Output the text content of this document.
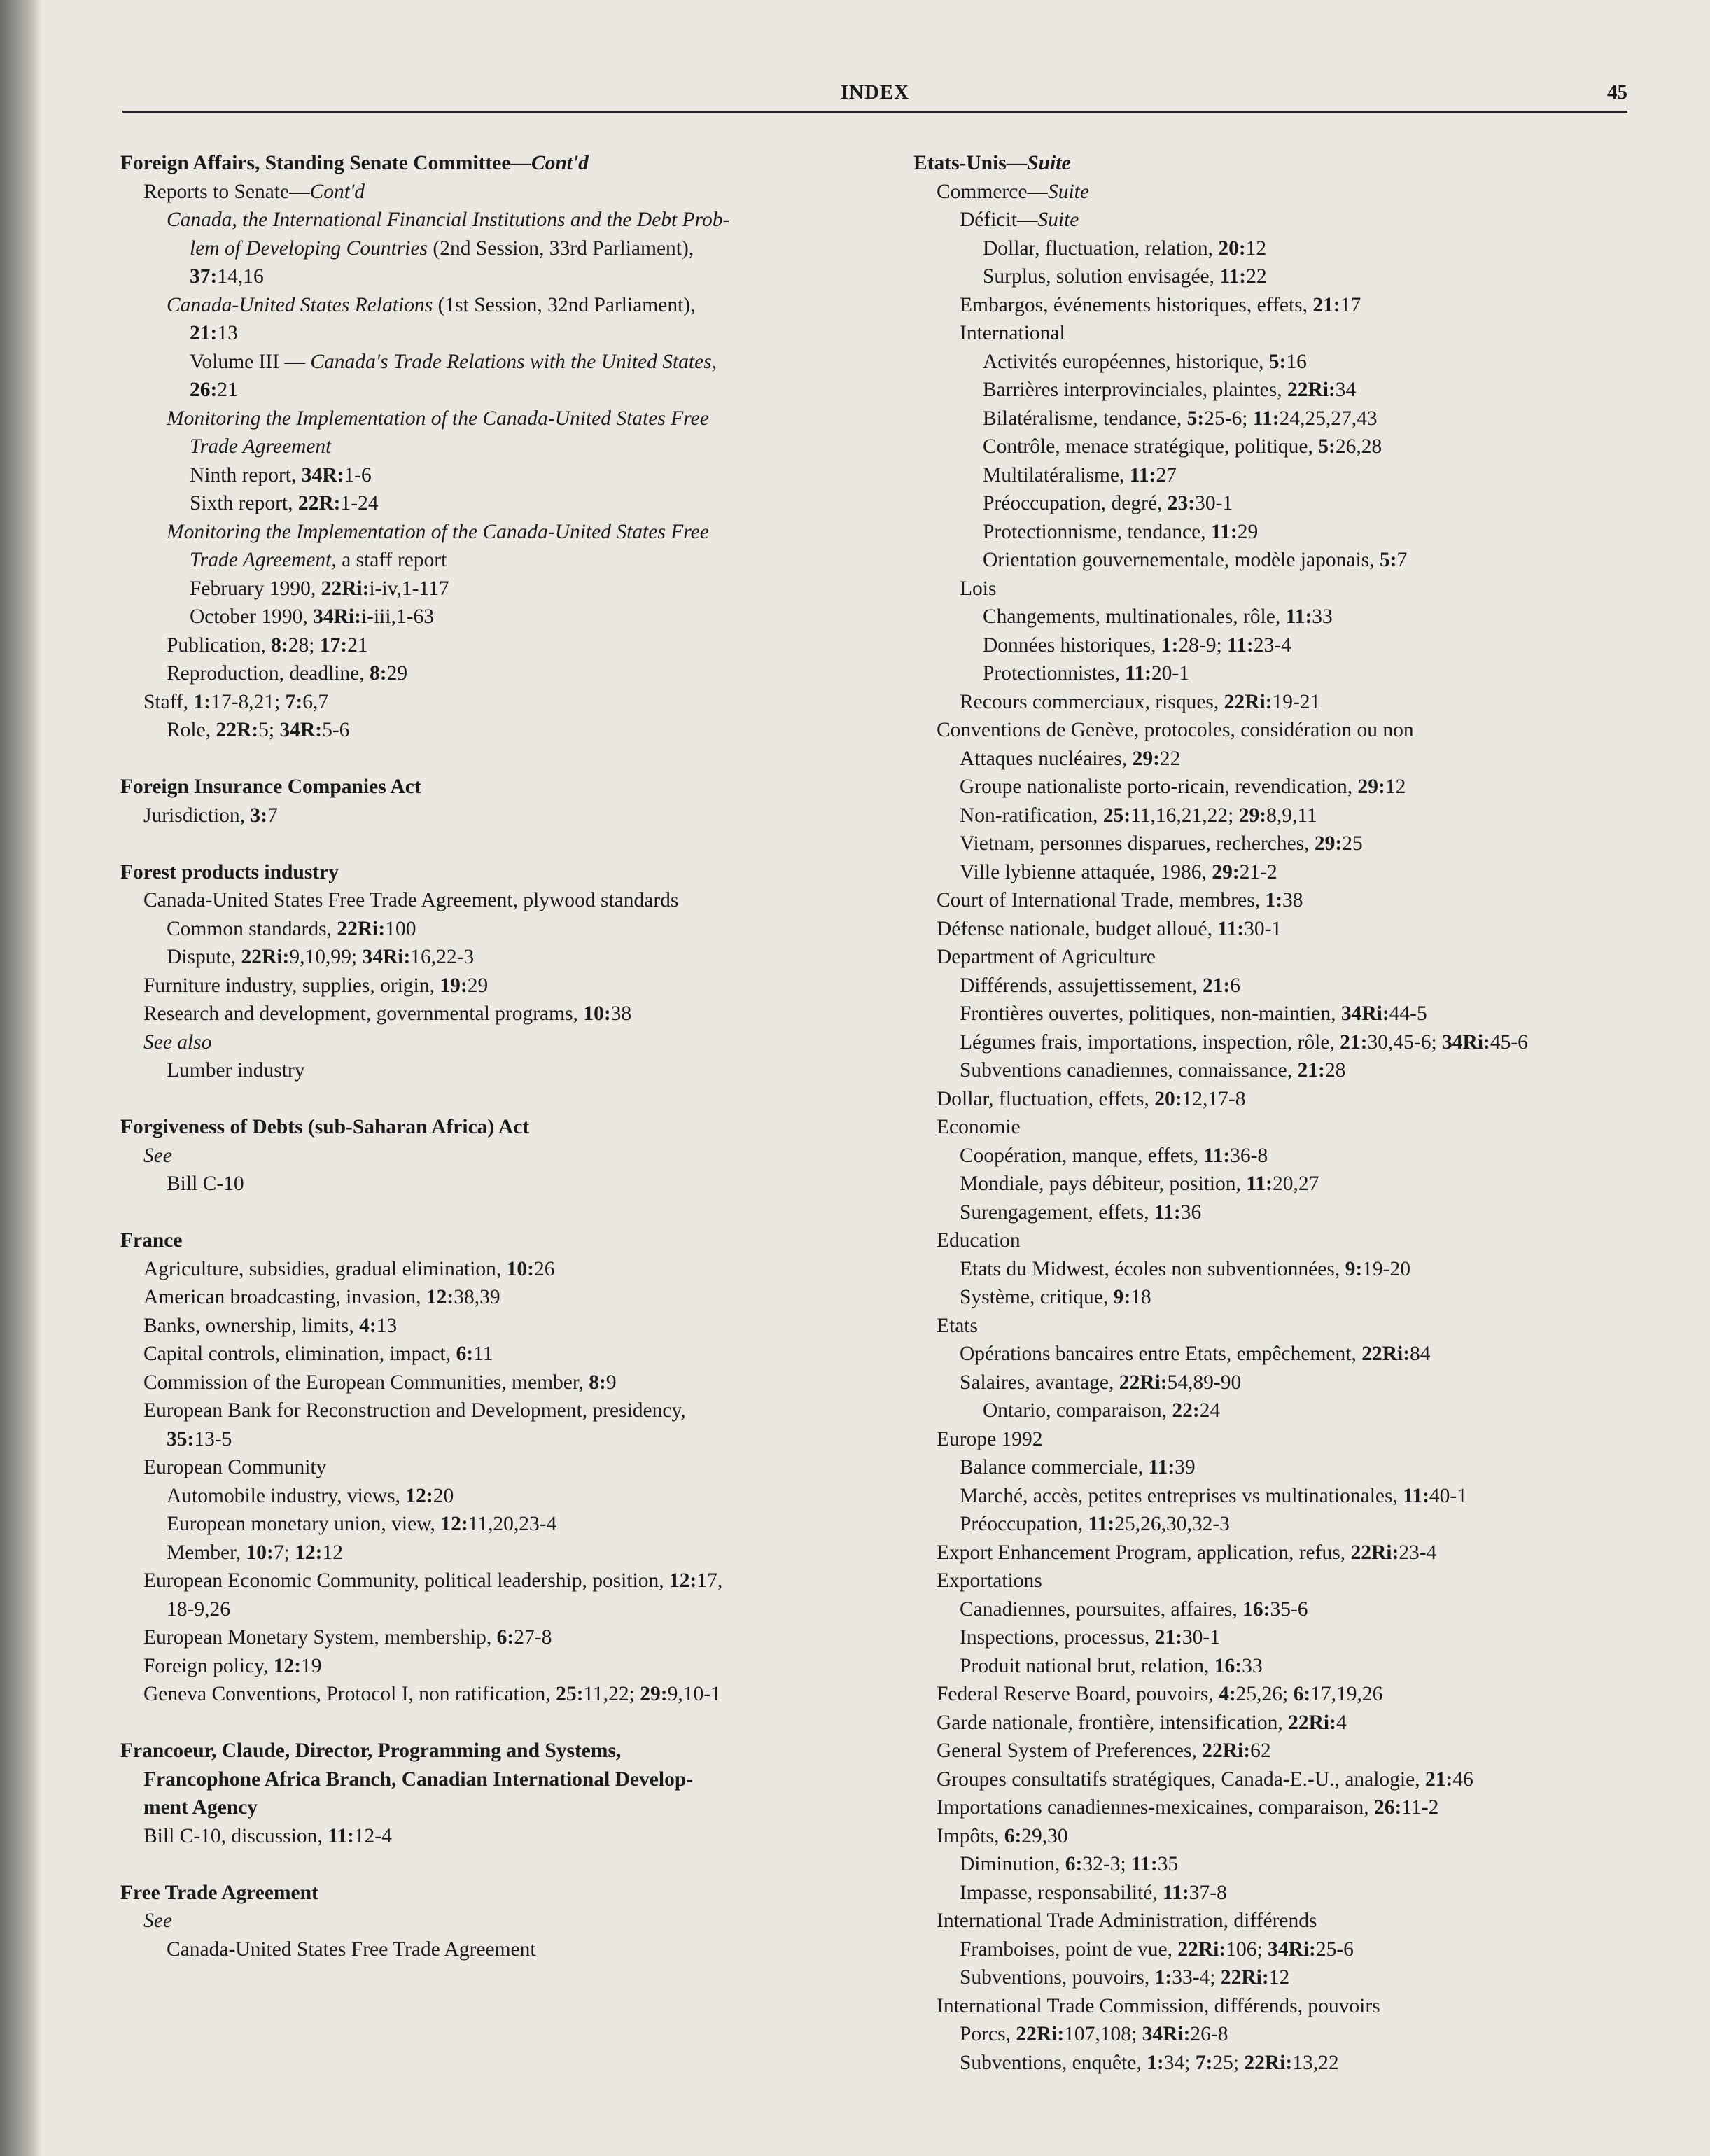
INDEX	45
Foreign Affairs, Standing Senate Committee—Cont'd
Reports to Senate—Cont'd
Canada, the International Financial Institutions and the Debt Prob-
lem of Developing Countries (2nd Session, 33rd Parliament),
37:14,16
Canada-United States Relations (1st Session, 32nd Parliament),
21:13
Volume III — Canada's Trade Relations with the United States,
26:21
Monitoring the Implementation of the Canada-United States Free
Trade Agreement
Ninth report, 34R:1-6
Sixth report, 22R:1-24
Monitoring the Implementation of the Canada-United States Free
Trade Agreement, a staff report
February 1990, 22Ri:i-iv,1-117
October 1990, 34Ri:i-iii,1-63
Publication, 8:28; 17:21
Reproduction, deadline, 8:29
Staff, 1:17-8,21; 7:6,7
Role, 22R:5; 34R:5-6
Foreign Insurance Companies Act
Jurisdiction, 3:7
Forest products industry
Canada-United States Free Trade Agreement, plywood standards
Common standards, 22Ri:100
Dispute, 22Ri:9,10,99; 34Ri:16,22-3
Furniture industry, supplies, origin, 19:29
Research and development, governmental programs, 10:38
See also
Lumber industry
Forgiveness of Debts (sub-Saharan Africa) Act
See
Bill C-10
France
Agriculture, subsidies, gradual elimination, 10:26
American broadcasting, invasion, 12:38,39
Banks, ownership, limits, 4:13
Capital controls, elimination, impact, 6:11
Commission of the European Communities, member, 8:9
European Bank for Reconstruction and Development, presidency,
35:13-5
European Community
Automobile industry, views, 12:20
European monetary union, view, 12:11,20,23-4
Member, 10:7; 12:12
European Economic Community, political leadership, position, 12:17,
18-9,26
European Monetary System, membership, 6:27-8
Foreign policy, 12:19
Geneva Conventions, Protocol I, non ratification, 25:11,22; 29:9,10-1
Francoeur, Claude, Director, Programming and Systems,
Francophone Africa Branch, Canadian International Develop-
ment Agency
Bill C-10, discussion, 11:12-4
Free Trade Agreement
See
Canada-United States Free Trade Agreement
Etats-Unis—Suite
Commerce—Suite
Déficit—Suite
Dollar, fluctuation, relation, 20:12
Surplus, solution envisagée, 11:22
Embargos, événements historiques, effets, 21:17
International
Activités européennes, historique, 5:16
Barrières interprovinciales, plaintes, 22Ri:34
Bilatéralisme, tendance, 5:25-6; 11:24,25,27,43
Contrôle, menace stratégique, politique, 5:26,28
Multilatéralisme, 11:27
Préoccupation, degré, 23:30-1
Protectionnisme, tendance, 11:29
Orientation gouvernementale, modèle japonais, 5:7
Lois
Changements, multinationales, rôle, 11:33
Données historiques, 1:28-9; 11:23-4
Protectionnistes, 11:20-1
Recours commerciaux, risques, 22Ri:19-21
Conventions de Genève, protocoles, considération ou non
Attaques nucléaires, 29:22
Groupe nationaliste porto-ricain, revendication, 29:12
Non-ratification, 25:11,16,21,22; 29:8,9,11
Vietnam, personnes disparues, recherches, 29:25
Ville lybienne attaquée, 1986, 29:21-2
Court of International Trade, membres, 1:38
Défense nationale, budget alloué, 11:30-1
Department of Agriculture
Différends, assujettissement, 21:6
Frontières ouvertes, politiques, non-maintien, 34Ri:44-5
Légumes frais, importations, inspection, rôle, 21:30,45-6; 34Ri:45-6
Subventions canadiennes, connaissance, 21:28
Dollar, fluctuation, effets, 20:12,17-8
Economie
Coopération, manque, effets, 11:36-8
Mondiale, pays débiteur, position, 11:20,27
Surengagement, effets, 11:36
Education
Etats du Midwest, écoles non subventionnées, 9:19-20
Système, critique, 9:18
Etats
Opérations bancaires entre Etats, empêchement, 22Ri:84
Salaires, avantage, 22Ri:54,89-90
Ontario, comparaison, 22:24
Europe 1992
Balance commerciale, 11:39
Marché, accès, petites entreprises vs multinationales, 11:40-1
Préoccupation, 11:25,26,30,32-3
Export Enhancement Program, application, refus, 22Ri:23-4
Exportations
Canadiennes, poursuites, affaires, 16:35-6
Inspections, processus, 21:30-1
Produit national brut, relation, 16:33
Federal Reserve Board, pouvoirs, 4:25,26; 6:17,19,26
Garde nationale, frontière, intensification, 22Ri:4
General System of Preferences, 22Ri:62
Groupes consultatifs stratégiques, Canada-E.-U., analogie, 21:46
Importations canadiennes-mexicaines, comparaison, 26:11-2
Impôts, 6:29,30
Diminution, 6:32-3; 11:35
Impasse, responsabilité, 11:37-8
International Trade Administration, différends
Framboises, point de vue, 22Ri:106; 34Ri:25-6
Subventions, pouvoirs, 1:33-4; 22Ri:12
International Trade Commission, différends, pouvoirs
Porcs, 22Ri:107,108; 34Ri:26-8
Subventions, enquête, 1:34; 7:25; 22Ri:13,22
